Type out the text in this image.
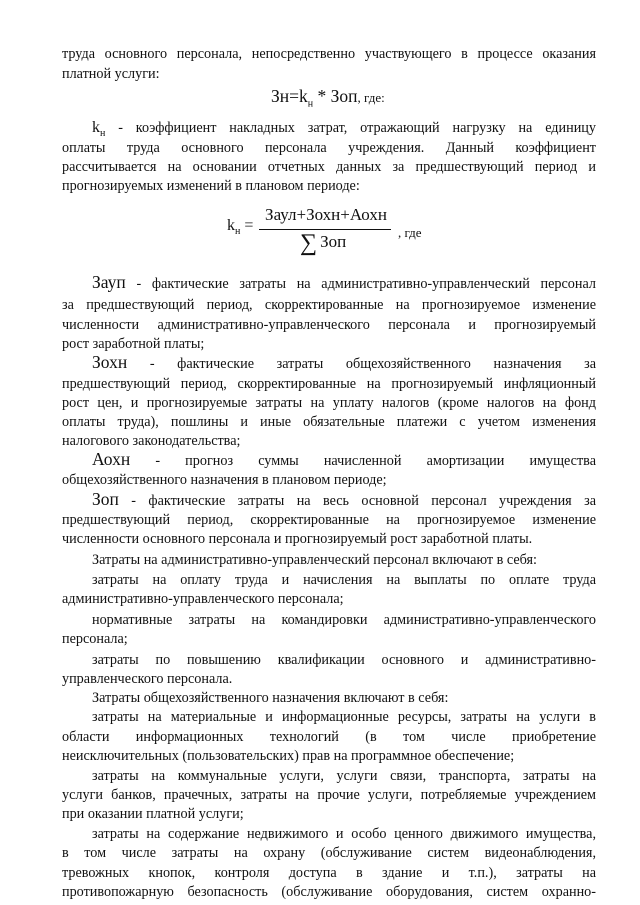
труда основного персонала, непосредственно участвующего в процессе оказания
платной услуги:
$Зн=k_н$ * Зоп, где:
$k_н$ - коэффициент накладных затрат, отражающий нагрузку на единицу
оплаты труда основного персонала учреждения. Данный коэффициент
рассчитывается на основании отчетных данных за предшествующий период и
прогнозируемых изменений в плановом периоде:
$k_н$ =
Заул+Зохн+Аохн
∑ Зоп	, где
Зауп - фактические затраты на административно-управленческий персонал
за предшествующий период, скорректированные на прогнозируемое изменение
численности административно-управленческого персонала и прогнозируемый
рост заработной платы;
Зохн - фактические затраты общехозяйственного назначения за
предшествующий период, скорректированные на прогнозируемый инфляционный
рост цен, и прогнозируемые затраты на уплату налогов (кроме налогов на фонд
оплаты труда), пошлины и иные обязательные платежи с учетом изменения
налогового законодательства;
Аохн - прогноз суммы начисленной амортизации имущества
общехозяйственного назначения в плановом периоде;
Зоп - фактические затраты на весь основной персонал учреждения за
предшествующий период, скорректированные на прогнозируемое изменение
численности основного персонала и прогнозируемый рост заработной платы.
Затраты на административно-управленческий персонал включают в себя:
затраты на оплату труда и начисления на выплаты по оплате труда
административно-управленческого персонала;
нормативные затраты на командировки административно-управленческого
персонала;
затраты по повышению квалификации основного и административно-
управленческого персонала.
Затраты общехозяйственного назначения включают в себя:
затраты на материальные и информационные ресурсы, затраты на услуги в
области информационных технологий (в том числе приобретение
неисключительных (пользовательских) прав на программное обеспечение;
затраты на коммунальные услуги, услуги связи, транспорта, затраты на
услуги банков, прачечных, затраты на прочие услуги, потребляемые учреждением
при оказании платной услуги;
затраты на содержание недвижимого и особо ценного движимого имущества,
в том числе затраты на охрану (обслуживание систем видеонаблюдения,
тревожных кнопок, контроля доступа в здание и т.п.), затраты на
противопожарную безопасность (обслуживание оборудования, систем охранно-
